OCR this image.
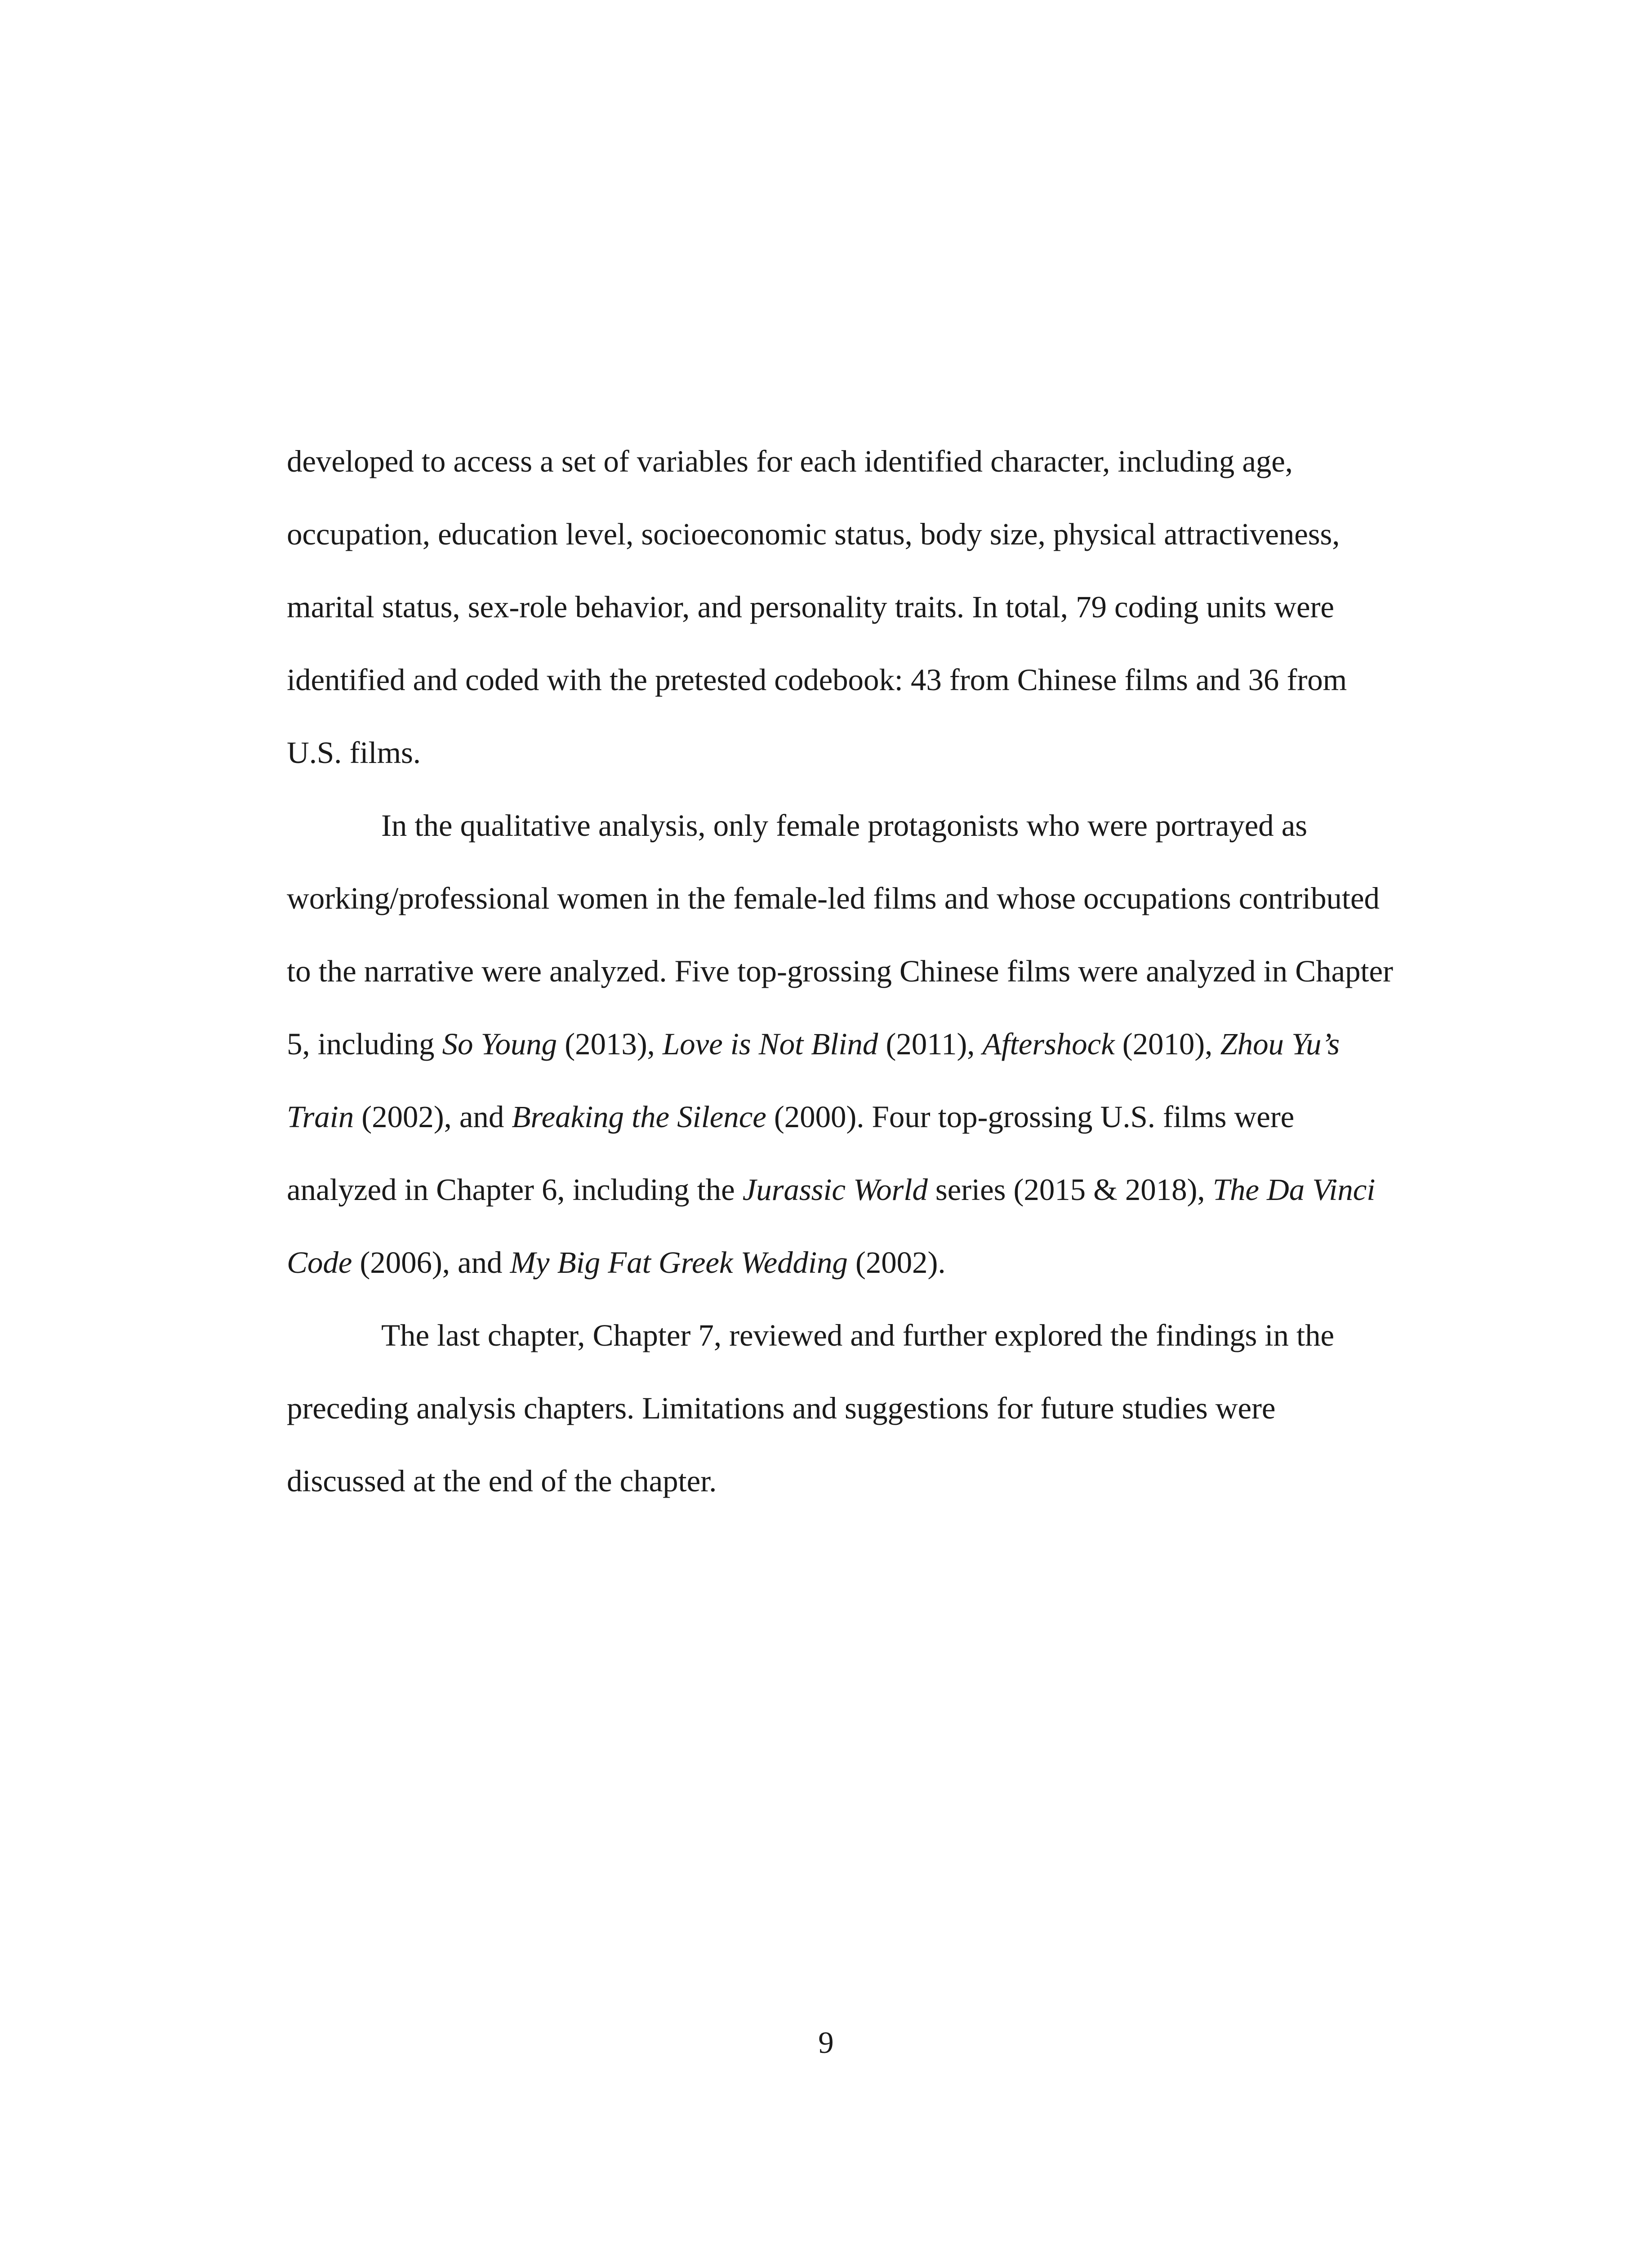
developed to access a set of variables for each identified character, including age,
occupation, education level, socioeconomic status, body size, physical attractiveness,
marital status, sex-role behavior, and personality traits. In total, 79 coding units were
identified and coded with the pretested codebook: 43 from Chinese films and 36 from
U.S. films.
In the qualitative analysis, only female protagonists who were portrayed as
working/professional women in the female-led films and whose occupations contributed
to the narrative were analyzed. Five top-grossing Chinese films were analyzed in Chapter
5, including So Young (2013), Love is Not Blind (2011), Aftershock (2010), Zhou Yu’s
Train (2002), and Breaking the Silence (2000). Four top-grossing U.S. films were
analyzed in Chapter 6, including the Jurassic World series (2015 & 2018), The Da Vinci
Code (2006), and My Big Fat Greek Wedding (2002).
The last chapter, Chapter 7, reviewed and further explored the findings in the
preceding analysis chapters. Limitations and suggestions for future studies were
discussed at the end of the chapter.
9
